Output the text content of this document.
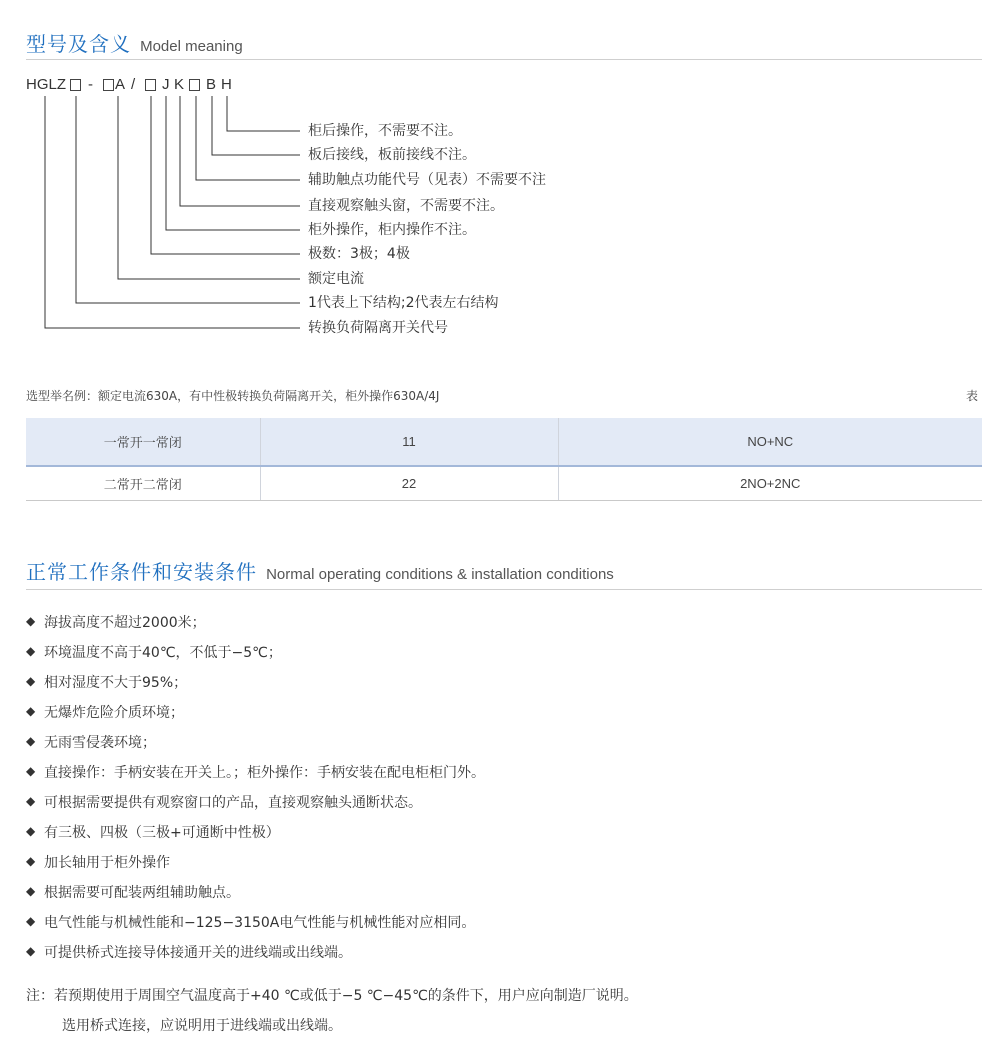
型号及含义 Model meaning
HGLZ - A / J K B H
柜后操作，不需要不注。
板后接线，板前接线不注。
辅助触点功能代号（见表）不需要不注
直接观察触头窗，不需要不注。
柜外操作，柜内操作不注。
极数：3极；4极
额定电流
1代表上下结构;2代表左右结构
转换负荷隔离开关代号
选型举名例：额定电流630A，有中性极转换负荷隔离开关，柜外操作630A/4J	表
一常开一常闭	11	NO+NC
二常开二常闭	22	2NO+2NC
正常工作条件和安装条件 Normal operating conditions & installation conditions
◆ 海拔高度不超过2000米；
◆ 环境温度不高于40℃，不低于−5℃；
◆ 相对湿度不大于95%；
◆ 无爆炸危险介质环境；
◆ 无雨雪侵袭环境；
◆ 直接操作：手柄安装在开关上。；柜外操作：手柄安装在配电柜柜门外。
◆ 可根据需要提供有观察窗口的产品，直接观察触头通断状态。
◆ 有三极、四极（三极+可通断中性极）
◆ 加长轴用于柜外操作
◆ 根据需要可配装两组辅助触点。
◆ 电气性能与机械性能和−125−3150A电气性能与机械性能对应相同。
◆ 可提供桥式连接导体接通开关的进线端或出线端。
注：若预期使用于周围空气温度高于+40 ℃或低于−5 ℃−45℃的条件下，用户应向制造厂说明。
选用桥式连接，应说明用于进线端或出线端。
